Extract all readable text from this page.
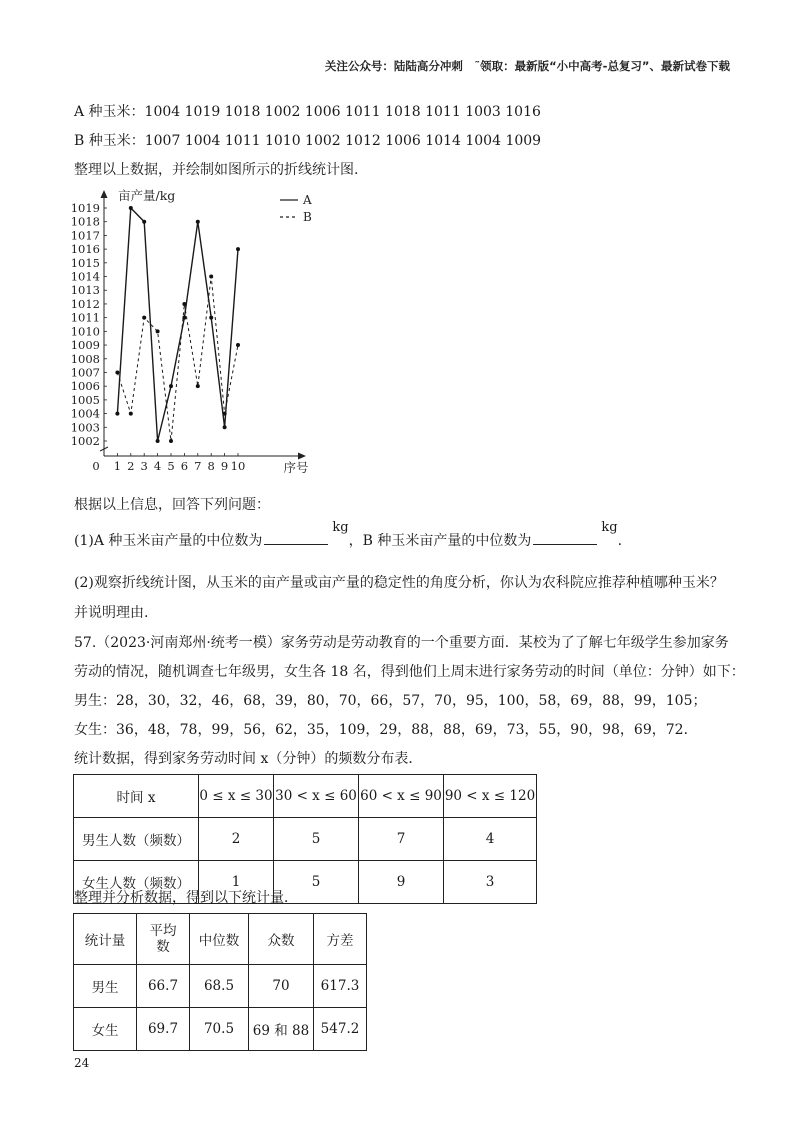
关注公众号：陆陆高分冲刺　˜领取：最新版“小中高考-总复习”、最新试卷下载
A 种玉米：1004 1019 1018 1002 1006 1011 1018 1011 1003 1016
B 种玉米：1007 1004 1011 1010 1002 1012 1006 1014 1004 1009
整理以上数据，并绘制如图所示的折线统计图.
1002
1003
1004
1005
1006
1007
1008
1009
1010
1011
1012
1013
1014
1015
1016
1017
1018
1019
0 1 2 3 4 5 6 7 8 9 10
亩产量/kg
序号
A
B
根据以上信息，回答下列问题：
(1)A 种玉米亩产量的中位数为kg，B 种玉米亩产量的中位数为kg.
(2)观察折线统计图，从玉米的亩产量或亩产量的稳定性的角度分析，你认为农科院应推荐种植哪种玉米？
并说明理由.
57.（2023·河南郑州·统考一模）家务劳动是劳动教育的一个重要方面．某校为了了解七年级学生参加家务
劳动的情况，随机调查七年级男，女生各 18 名，得到他们上周末进行家务劳动的时间（单位：分钟）如下：
男生：28，30，32，46，68，39，80，70，66，57，70，95，100，58，69，88，99，105；
女生：36，48，78，99，56，62，35，109，29，88，88，69，73，55，90，98，69，72．
统计数据，得到家务劳动时间 x（分钟）的频数分布表．
时间 x	0 ≤ x ≤ 30	30 < x ≤ 60	60 < x ≤ 90	90 < x ≤ 120
男生人数（频数）	2	5	7	4
女生人数（频数）	1	5	9	3
整理并分析数据，得到以下统计量．
统计量	平均
数	中位数	众数	方差
男生	66.7	68.5	70	617.3
女生	69.7	70.5	69 和 88	547.2
24
